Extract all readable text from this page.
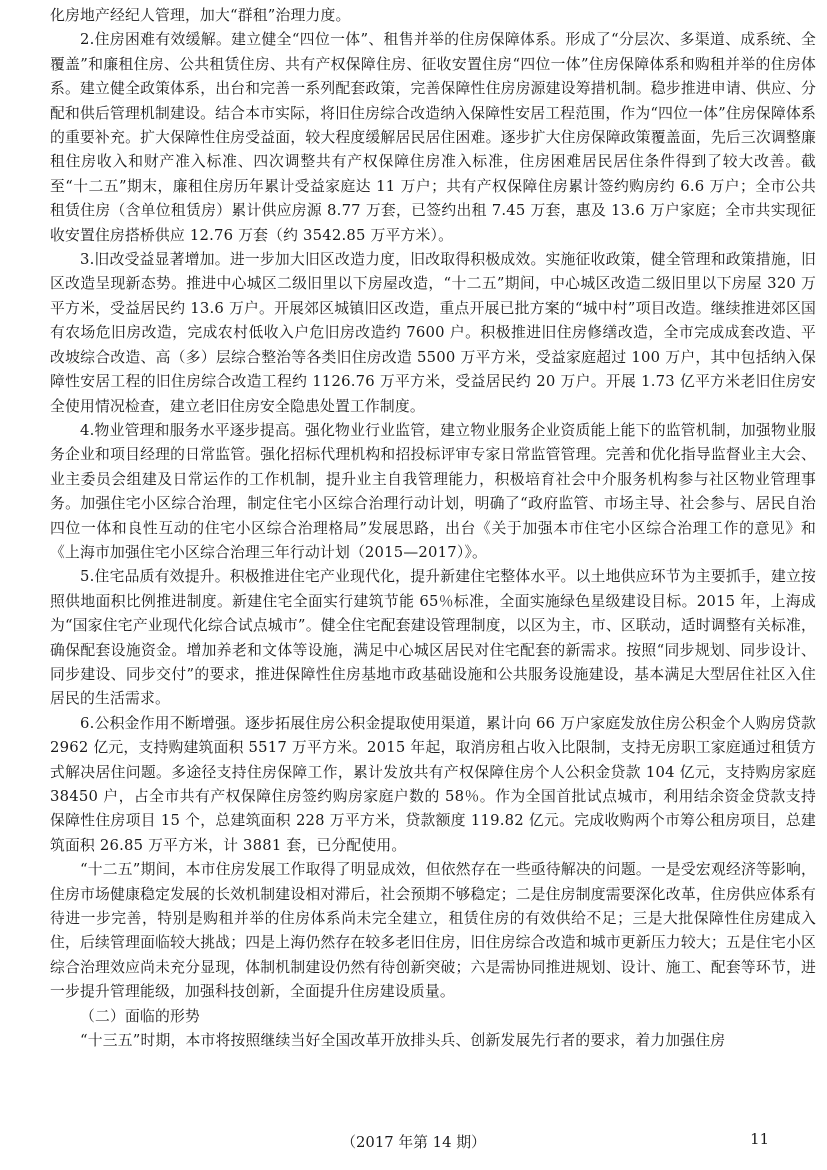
化房地产经纪人管理，加大“群租”治理力度。

2.住房困难有效缓解。建立健全“四位一体”、租售并举的住房保障体系。形成了“分层次、多渠道、成系统、全覆盖”和廉租住房、公共租赁住房、共有产权保障住房、征收安置住房“四位一体”住房保障体系和购租并举的住房体系。建立健全政策体系，出台和完善一系列配套政策，完善保障性住房房源建设筹措机制。稳步推进申请、供应、分配和供后管理机制建设。结合本市实际，将旧住房综合改造纳入保障性安居工程范围，作为“四位一体”住房保障体系的重要补充。扩大保障性住房受益面，较大程度缓解居民居住困难。逐步扩大住房保障政策覆盖面，先后三次调整廉租住房收入和财产准入标准、四次调整共有产权保障住房准入标准，住房困难居民居住条件得到了较大改善。截至“十二五”期末，廉租住房历年累计受益家庭达 11 万户；共有产权保障住房累计签约购房约 6.6 万户；全市公共租赁住房（含单位租赁房）累计供应房源 8.77 万套，已签约出租 7.45 万套，惠及 13.6 万户家庭；全市共实现征收安置住房搭桥供应 12.76 万套（约 3542.85 万平方米）。

3.旧改受益显著增加。进一步加大旧区改造力度，旧改取得积极成效。实施征收政策，健全管理和政策措施，旧区改造呈现新态势。推进中心城区二级旧里以下房屋改造，“十二五”期间，中心城区改造二级旧里以下房屋 320 万平方米，受益居民约 13.6 万户。开展郊区城镇旧区改造，重点开展已批方案的“城中村”项目改造。继续推进郊区国有农场危旧房改造，完成农村低收入户危旧房改造约 7600 户。积极推进旧住房修缮改造，全市完成成套改造、平改坡综合改造、高（多）层综合整治等各类旧住房改造 5500 万平方米，受益家庭超过 100 万户，其中包括纳入保障性安居工程的旧住房综合改造工程约 1126.76 万平方米，受益居民约 20 万户。开展 1.73 亿平方米老旧住房安全使用情况检查，建立老旧住房安全隐患处置工作制度。

4.物业管理和服务水平逐步提高。强化物业行业监管，建立物业服务企业资质能上能下的监管机制，加强物业服务企业和项目经理的日常监管。强化招标代理机构和招投标评审专家日常监管管理。完善和优化指导监督业主大会、业主委员会组建及日常运作的工作机制，提升业主自我管理能力，积极培育社会中介服务机构参与社区物业管理事务。加强住宅小区综合治理，制定住宅小区综合治理行动计划，明确了“政府监管、市场主导、社会参与、居民自治四位一体和良性互动的住宅小区综合治理格局”发展思路，出台《关于加强本市住宅小区综合治理工作的意见》和《上海市加强住宅小区综合治理三年行动计划（2015—2017）》。

5.住宅品质有效提升。积极推进住宅产业现代化，提升新建住宅整体水平。以土地供应环节为主要抓手，建立按照供地面积比例推进制度。新建住宅全面实行建筑节能 65％标准，全面实施绿色星级建设目标。2015 年，上海成为“国家住宅产业现代化综合试点城市”。健全住宅配套建设管理制度，以区为主，市、区联动，适时调整有关标准，确保配套设施资金。增加养老和文体等设施，满足中心城区居民对住宅配套的新需求。按照“同步规划、同步设计、同步建设、同步交付”的要求，推进保障性住房基地市政基础设施和公共服务设施建设，基本满足大型居住社区入住居民的生活需求。

6.公积金作用不断增强。逐步拓展住房公积金提取使用渠道，累计向 66 万户家庭发放住房公积金个人购房贷款 2962 亿元，支持购建筑面积 5517 万平方米。2015 年起，取消房租占收入比限制，支持无房职工家庭通过租赁方式解决居住问题。多途径支持住房保障工作，累计发放共有产权保障住房个人公积金贷款 104 亿元，支持购房家庭 38450 户，占全市共有产权保障住房签约购房家庭户数的 58％。作为全国首批试点城市，利用结余资金贷款支持保障性住房项目 15 个，总建筑面积 228 万平方米，贷款额度 119.82 亿元。完成收购两个市筹公租房项目，总建筑面积 26.85 万平方米，计 3881 套，已分配使用。

“十二五”期间，本市住房发展工作取得了明显成效，但依然存在一些亟待解决的问题。一是受宏观经济等影响，住房市场健康稳定发展的长效机制建设相对滞后，社会预期不够稳定；二是住房制度需要深化改革，住房供应体系有待进一步完善，特别是购租并举的住房体系尚未完全建立，租赁住房的有效供给不足；三是大批保障性住房建成入住，后续管理面临较大挑战；四是上海仍然存在较多老旧住房，旧住房综合改造和城市更新压力较大；五是住宅小区综合治理效应尚未充分显现，体制机制建设仍然有待创新突破；六是需协同推进规划、设计、施工、配套等环节，进一步提升管理能级，加强科技创新，全面提升住房建设质量。

（二）面临的形势

“十三五”时期，本市将按照继续当好全国改革开放排头兵、创新发展先行者的要求，着力加强住房

（2017 年第 14 期）	11
